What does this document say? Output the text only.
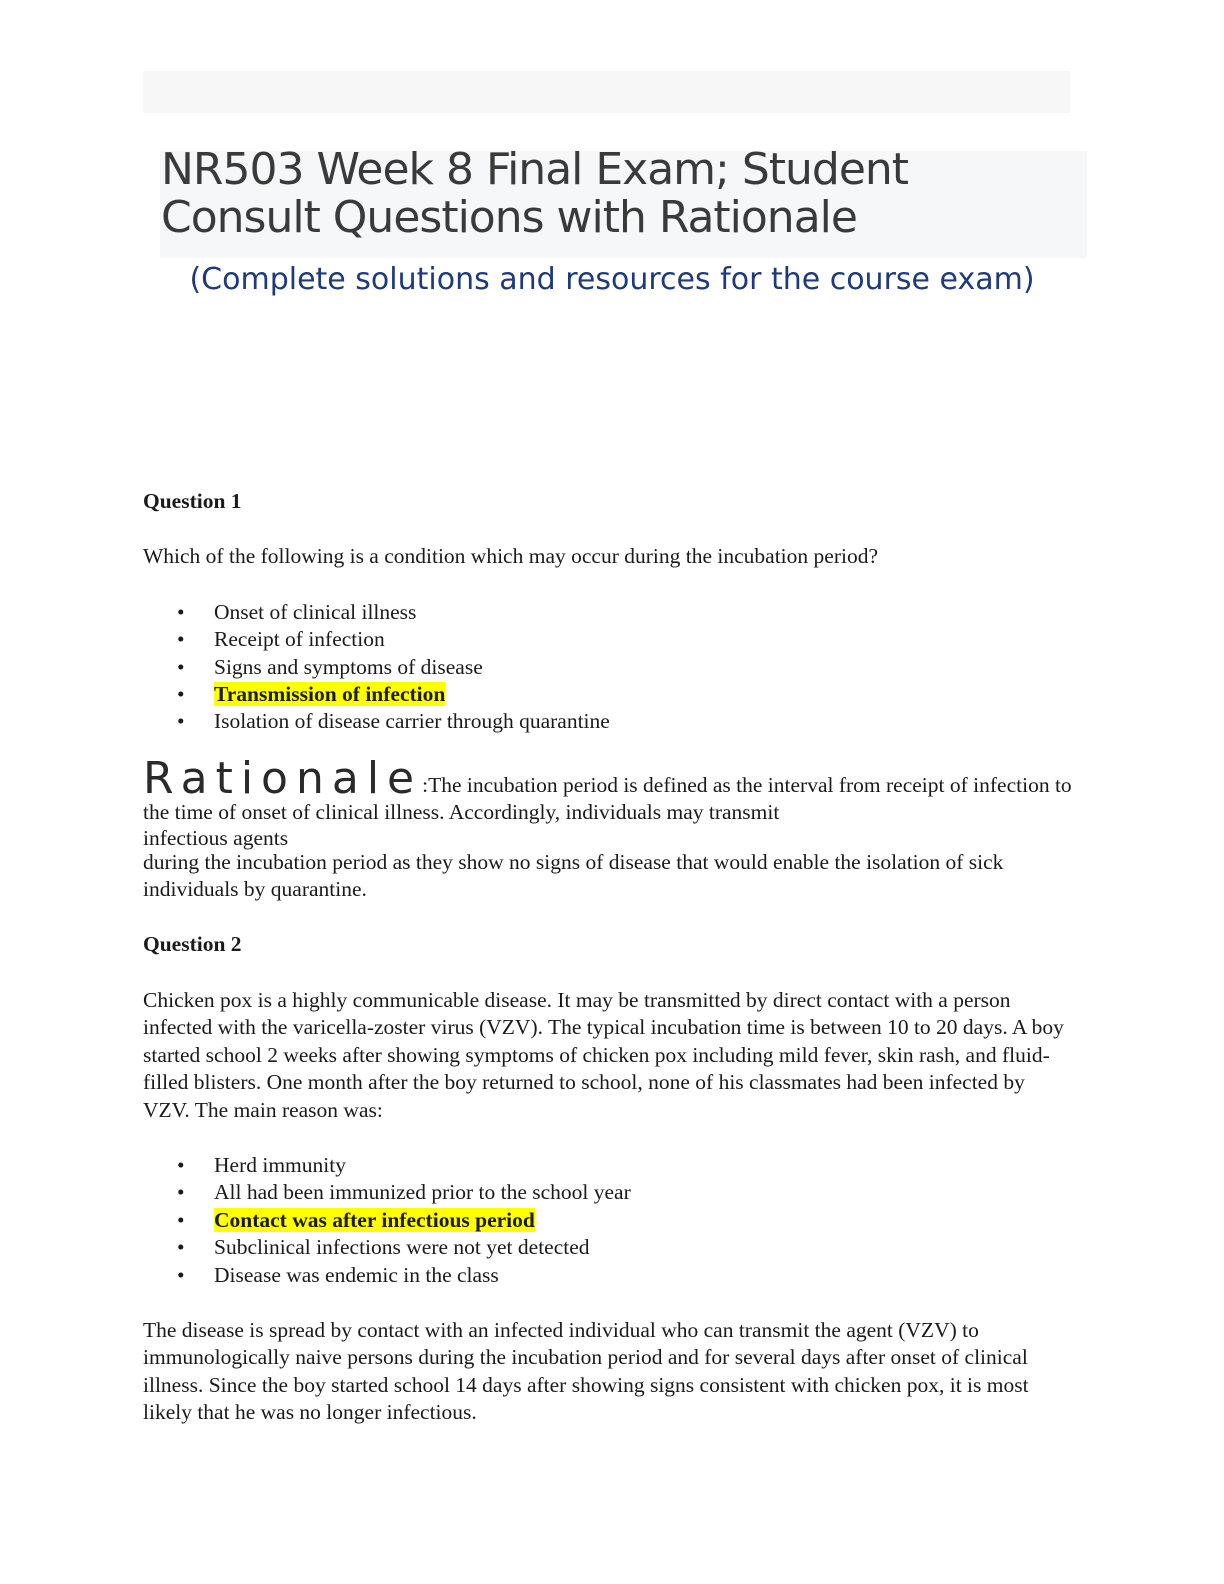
NR503 Week 8 Final Exam; Student Consult Questions with Rationale

(Complete solutions and resources for the course exam)

Question 1

Which of the following is a condition which may occur during the incubation period?

• Onset of clinical illness
• Receipt of infection
• Signs and symptoms of disease
• Transmission of infection
• Isolation of disease carrier through quarantine
Rationale:The incubation period is defined as the interval from receipt of infection to the time of onset of clinical illness. Accordingly, individuals may transmit
infectious agents
during the incubation period as they show no signs of disease that would enable the isolation of sick individuals by quarantine.

Question 2

Chicken pox is a highly communicable disease. It may be transmitted by direct contact with a person infected with the varicella-zoster virus (VZV). The typical incubation time is between 10 to 20 days. A boy started school 2 weeks after showing symptoms of chicken pox including mild fever, skin rash, and fluid-filled blisters. One month after the boy returned to school, none of his classmates had been infected by VZV. The main reason was:

• Herd immunity
• All had been immunized prior to the school year
• Contact was after infectious period
• Subclinical infections were not yet detected
• Disease was endemic in the class

The disease is spread by contact with an infected individual who can transmit the agent (VZV) to immunologically naive persons during the incubation period and for several days after onset of clinical illness. Since the boy started school 14 days after showing signs consistent with chicken pox, it is most likely that he was no longer infectious.
